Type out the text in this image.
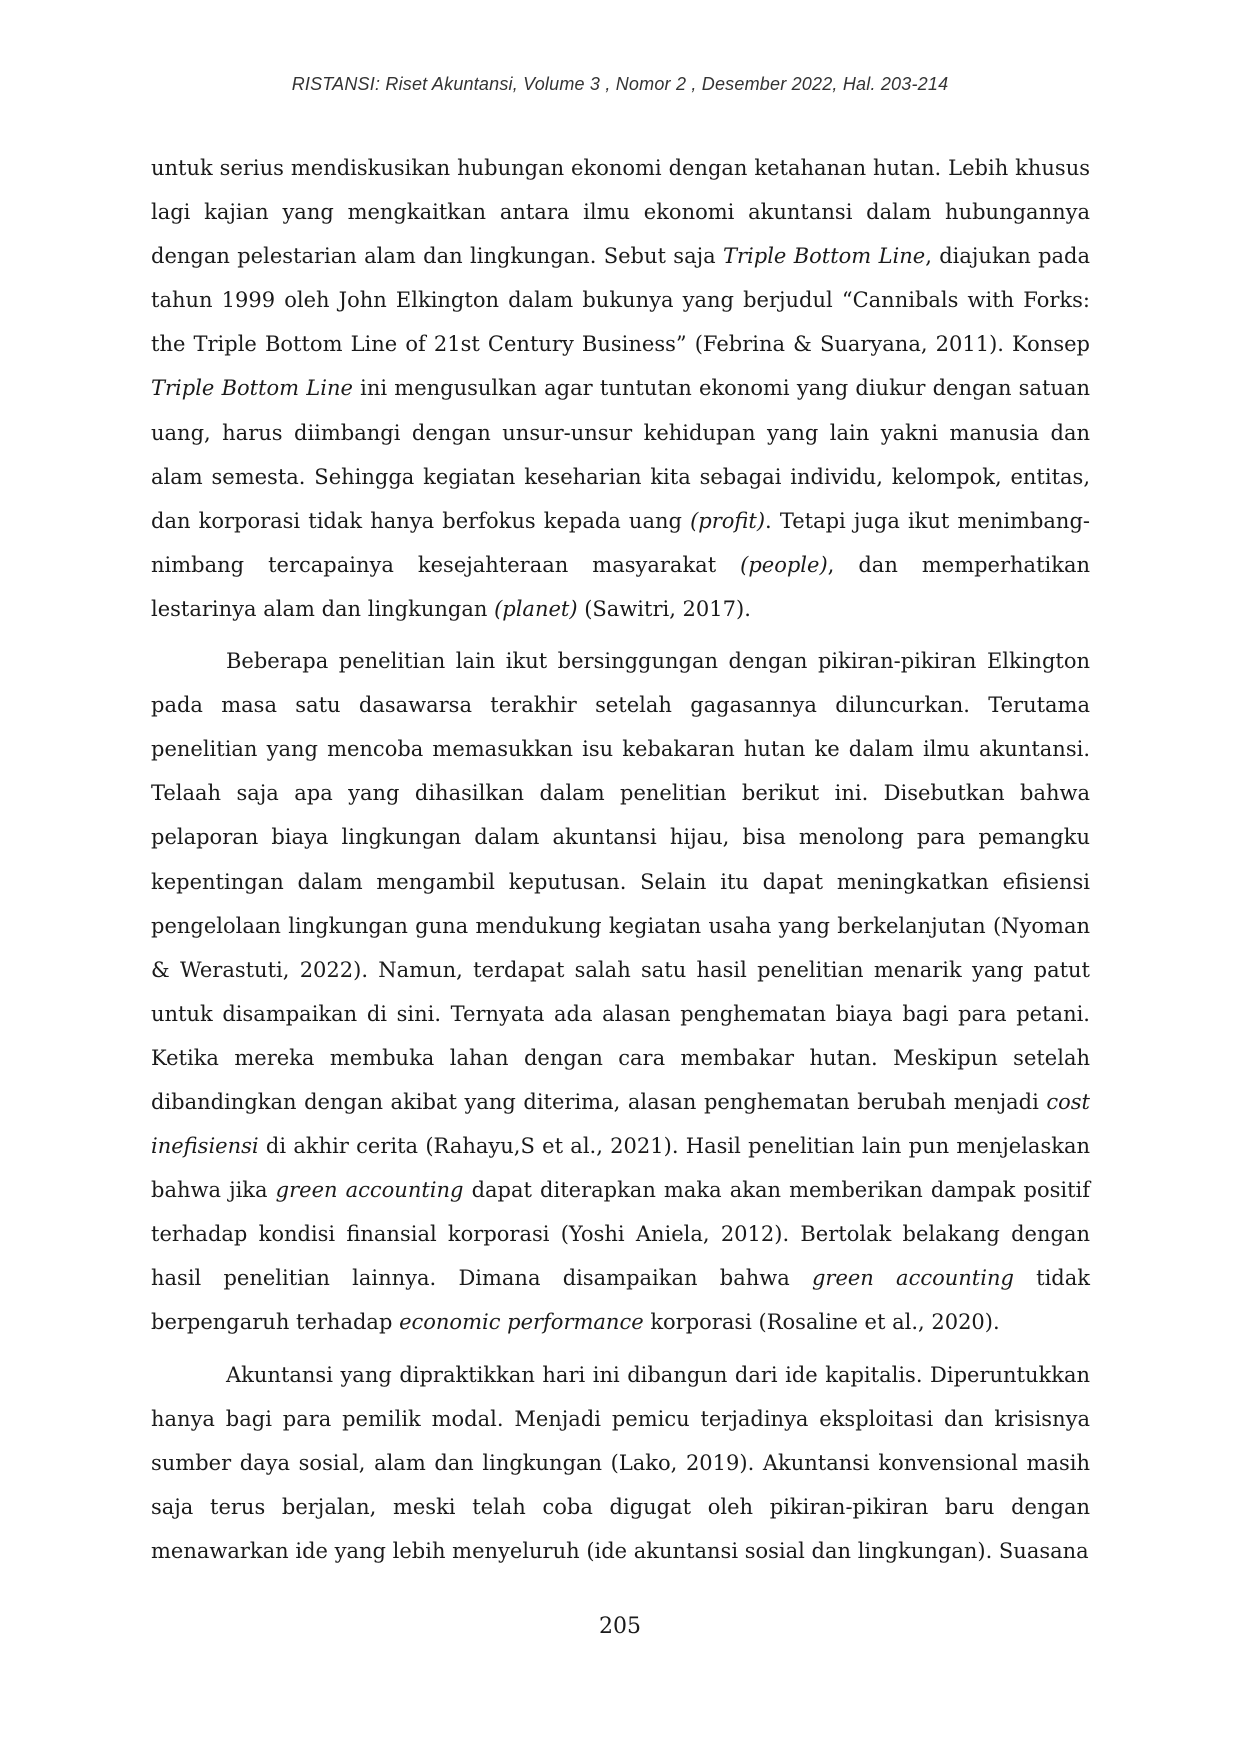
RISTANSI: Riset Akuntansi, Volume 3 , Nomor 2 , Desember 2022, Hal. 203-214

untuk serius mendiskusikan hubungan ekonomi dengan ketahanan hutan. Lebih khusus lagi kajian yang mengkaitkan antara ilmu ekonomi akuntansi dalam hubungannya dengan pelestarian alam dan lingkungan. Sebut saja Triple Bottom Line, diajukan pada tahun 1999 oleh John Elkington dalam bukunya yang berjudul “Cannibals with Forks: the Triple Bottom Line of 21st Century Business” (Febrina & Suaryana, 2011). Konsep Triple Bottom Line ini mengusulkan agar tuntutan ekonomi yang diukur dengan satuan uang, harus diimbangi dengan unsur-unsur kehidupan yang lain yakni manusia dan alam semesta. Sehingga kegiatan keseharian kita sebagai individu, kelompok, entitas, dan korporasi tidak hanya berfokus kepada uang (profit). Tetapi juga ikut menimbang-nimbang tercapainya kesejahteraan masyarakat (people), dan memperhatikan lestarinya alam dan lingkungan (planet) (Sawitri, 2017).

Beberapa penelitian lain ikut bersinggungan dengan pikiran-pikiran Elkington pada masa satu dasawarsa terakhir setelah gagasannya diluncurkan. Terutama penelitian yang mencoba memasukkan isu kebakaran hutan ke dalam ilmu akuntansi. Telaah saja apa yang dihasilkan dalam penelitian berikut ini. Disebutkan bahwa pelaporan biaya lingkungan dalam akuntansi hijau, bisa menolong para pemangku kepentingan dalam mengambil keputusan. Selain itu dapat meningkatkan efisiensi pengelolaan lingkungan guna mendukung kegiatan usaha yang berkelanjutan (Nyoman & Werastuti, 2022). Namun, terdapat salah satu hasil penelitian menarik yang patut untuk disampaikan di sini. Ternyata ada alasan penghematan biaya bagi para petani. Ketika mereka membuka lahan dengan cara membakar hutan. Meskipun setelah dibandingkan dengan akibat yang diterima, alasan penghematan berubah menjadi cost inefisiensi di akhir cerita (Rahayu,S et al., 2021). Hasil penelitian lain pun menjelaskan bahwa jika green accounting dapat diterapkan maka akan memberikan dampak positif terhadap kondisi finansial korporasi (Yoshi Aniela, 2012). Bertolak belakang dengan hasil penelitian lainnya. Dimana disampaikan bahwa green accounting tidak berpengaruh terhadap economic performance korporasi (Rosaline et al., 2020).

Akuntansi yang dipraktikkan hari ini dibangun dari ide kapitalis. Diperuntukkan hanya bagi para pemilik modal. Menjadi pemicu terjadinya eksploitasi dan krisisnya sumber daya sosial, alam dan lingkungan (Lako, 2019). Akuntansi konvensional masih saja terus berjalan, meski telah coba digugat oleh pikiran-pikiran baru dengan menawarkan ide yang lebih menyeluruh (ide akuntansi sosial dan lingkungan). Suasana

205
